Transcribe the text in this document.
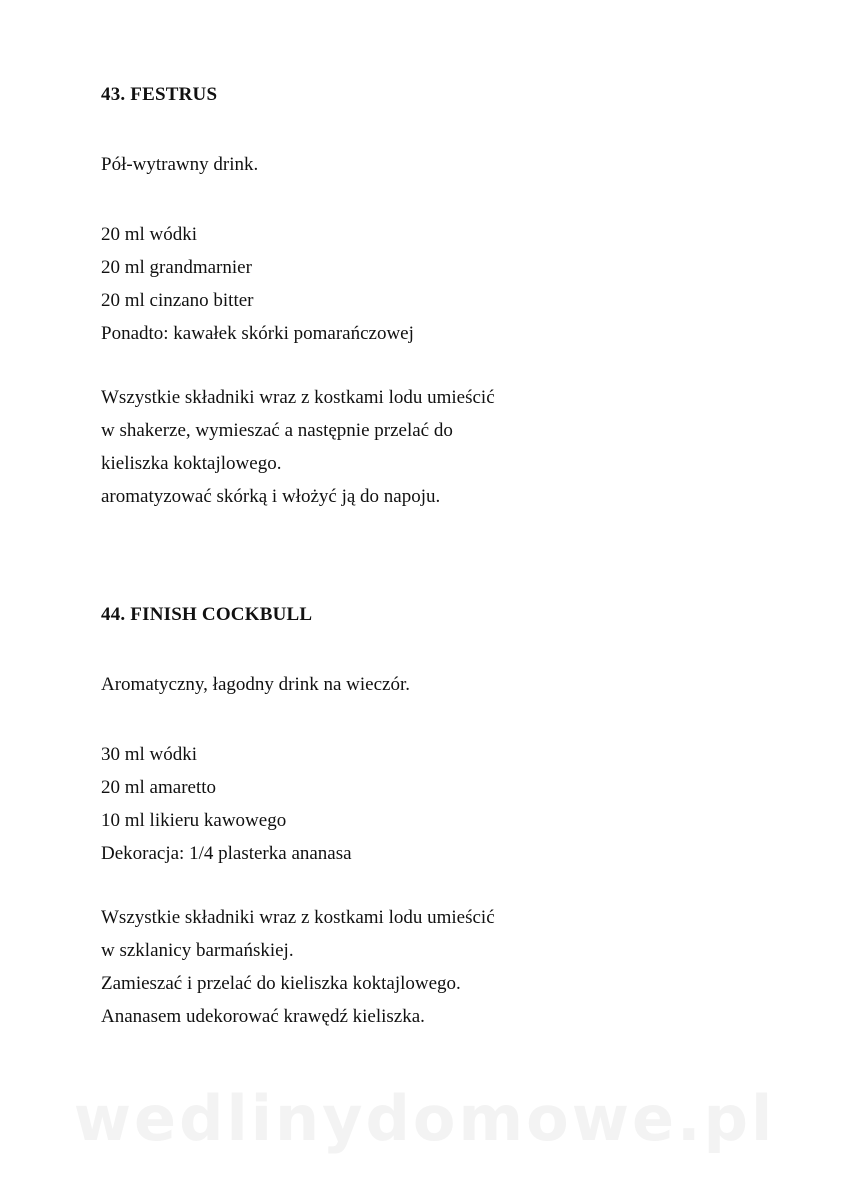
43. FESTRUS

Pół-wytrawny drink.

20 ml wódki
20 ml grandmarnier
20 ml cinzano bitter
Ponadto: kawałek skórki pomarańczowej
Wszystkie składniki wraz z kostkami lodu umieścić
w shakerze, wymieszać a następnie przelać do
kieliszka koktajlowego.
aromatyzować skórką i włożyć ją do napoju.
44. FINISH COCKBULL

Aromatyczny, łagodny drink na wieczór.

30 ml wódki
20 ml amaretto
10 ml likieru kawowego
Dekoracja: 1/4 plasterka ananasa
Wszystkie składniki wraz z kostkami lodu umieścić
w szklanicy barmańskiej.
Zamieszać i przelać do kieliszka koktajlowego.
Ananasem udekorować krawędź kieliszka.
wedlinydomowe.pl
